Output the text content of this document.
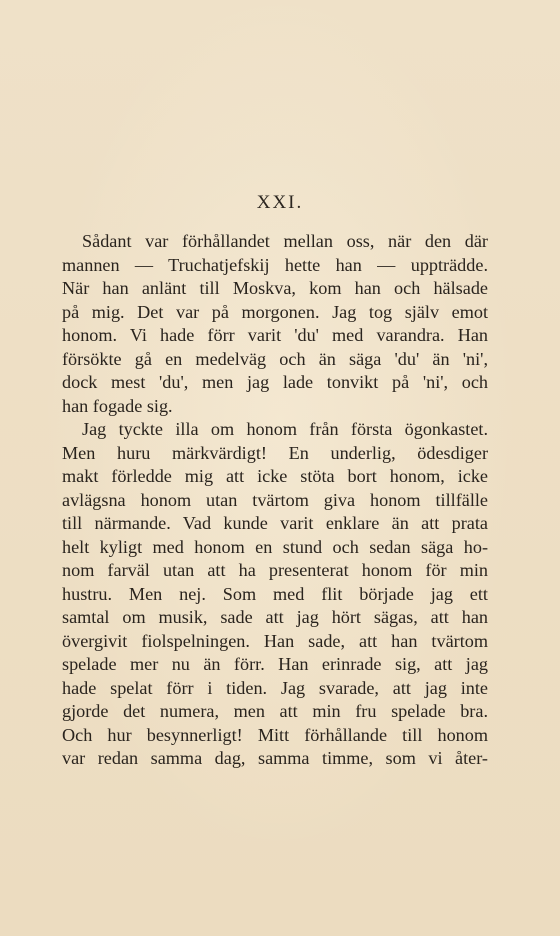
XXI.
Sådant var förhållandet mellan oss, när den där
mannen — Truchatjefskij hette han — uppträdde.
När han anlänt till Moskva, kom han och hälsade
på mig. Det var på morgonen. Jag tog själv emot
honom. Vi hade förr varit 'du' med varandra. Han
försökte gå en medelväg och än säga 'du' än 'ni',
dock mest 'du', men jag lade tonvikt på 'ni', och
han fogade sig.
Jag tyckte illa om honom från första ögonkastet.
Men huru märkvärdigt! En underlig, ödesdiger
makt förledde mig att icke stöta bort honom, icke
avlägsna honom utan tvärtom giva honom tillfälle
till närmande. Vad kunde varit enklare än att prata
helt kyligt med honom en stund och sedan säga ho-
nom farväl utan att ha presenterat honom för min
hustru. Men nej. Som med flit började jag ett
samtal om musik, sade att jag hört sägas, att han
övergivit fiolspelningen. Han sade, att han tvärtom
spelade mer nu än förr. Han erinrade sig, att jag
hade spelat förr i tiden. Jag svarade, att jag inte
gjorde det numera, men att min fru spelade bra.
Och hur besynnerligt! Mitt förhållande till honom
var redan samma dag, samma timme, som vi åter-
